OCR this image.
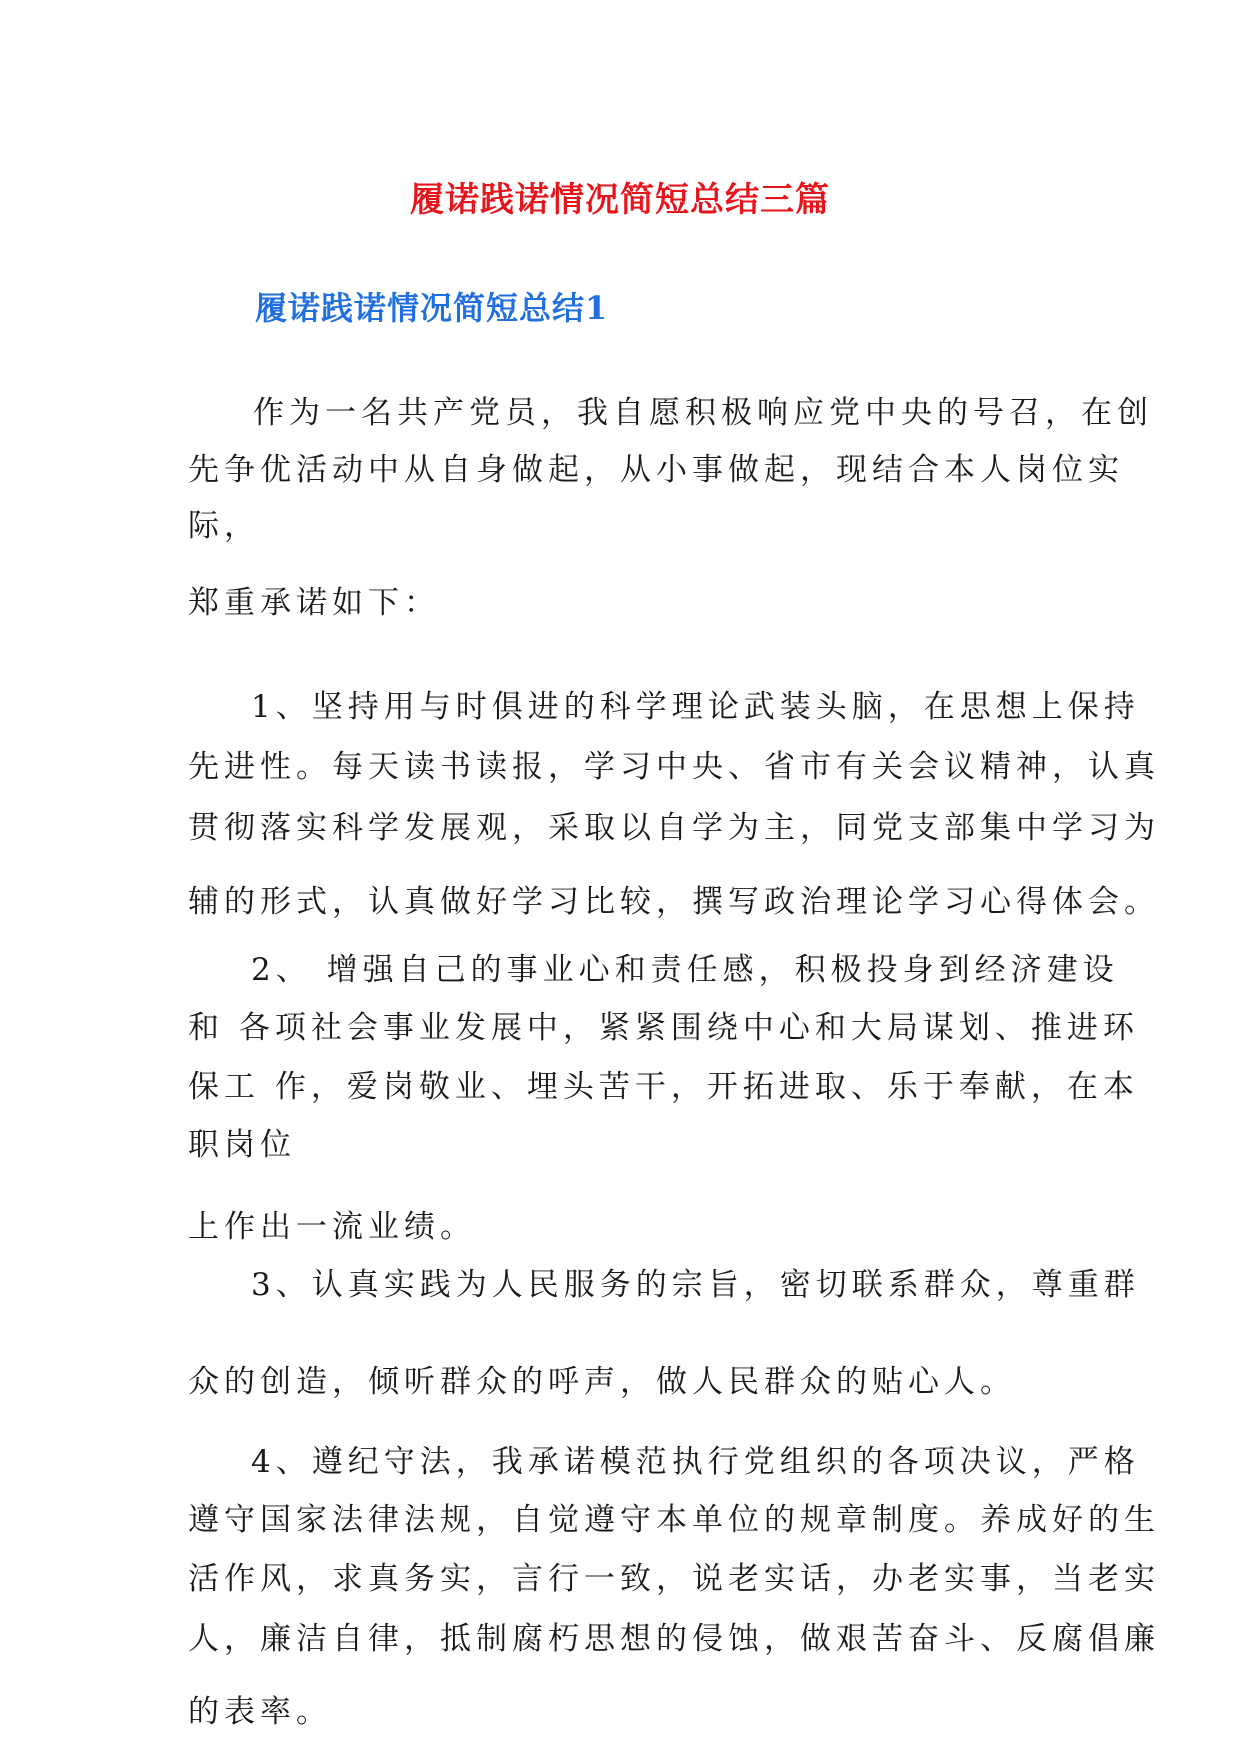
履诺践诺情况简短总结三篇
履诺践诺情况简短总结1
作为一名共产党员，我自愿积极响应党中央的号召，在创
先争优活动中从自身做起，从小事做起，现结合本人岗位实
际，
郑重承诺如下：
1、坚持用与时俱进的科学理论武装头脑，在思想上保持
先进性。每天读书读报，学习中央、省市有关会议精神，认真
贯彻落实科学发展观，采取以自学为主，同党支部集中学习为
辅的形式，认真做好学习比较，撰写政治理论学习心得体会。
2、 增强自己的事业心和责任感，积极投身到经济建设
和 各项社会事业发展中，紧紧围绕中心和大局谋划、推进环
保工 作，爱岗敬业、埋头苦干，开拓进取、乐于奉献，在本
职岗位
上作出一流业绩。
3、认真实践为人民服务的宗旨，密切联系群众，尊重群
众的创造，倾听群众的呼声，做人民群众的贴心人。
4、遵纪守法，我承诺模范执行党组织的各项决议，严格
遵守国家法律法规，自觉遵守本单位的规章制度。养成好的生
活作风，求真务实，言行一致，说老实话，办老实事，当老实
人，廉洁自律，抵制腐朽思想的侵蚀，做艰苦奋斗、反腐倡廉
的表率。
